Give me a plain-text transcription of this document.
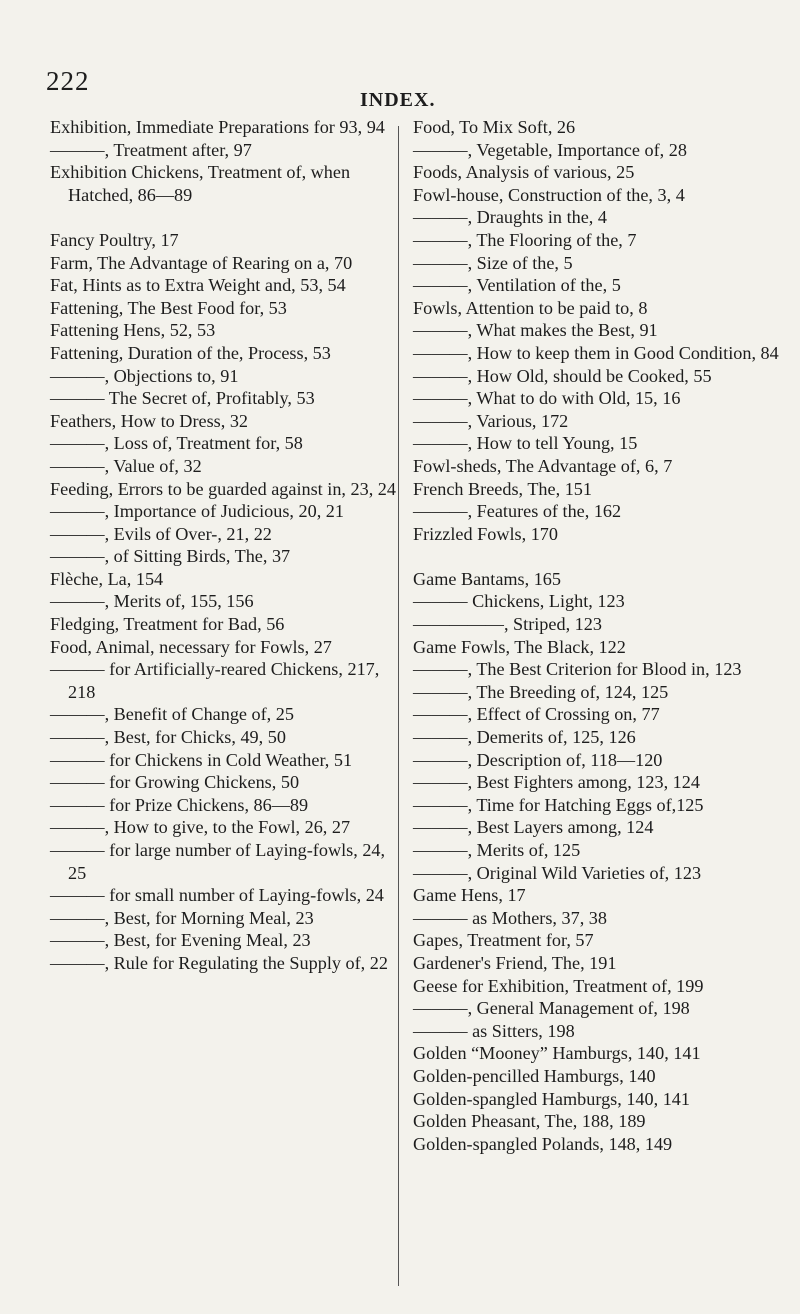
222
INDEX.
Exhibition, Immediate Preparations for 93, 94
———, Treatment after, 97
Exhibition Chickens, Treatment of, when Hatched, 86—89
Fancy Poultry, 17
Farm, The Advantage of Rearing on a, 70
Fat, Hints as to Extra Weight and, 53, 54
Fattening, The Best Food for, 53
Fattening Hens, 52, 53
Fattening, Duration of the, Process, 53
———, Objections to, 91
——— The Secret of, Profitably, 53
Feathers, How to Dress, 32
———, Loss of, Treatment for, 58
———, Value of, 32
Feeding, Errors to be guarded against in, 23, 24
———, Importance of Judicious, 20, 21
———, Evils of Over-, 21, 22
———, of Sitting Birds, The, 37
Flèche, La, 154
———, Merits of, 155, 156
Fledging, Treatment for Bad, 56
Food, Animal, necessary for Fowls, 27
——— for Artificially-reared Chickens, 217, 218
———, Benefit of Change of, 25
———, Best, for Chicks, 49, 50
——— for Chickens in Cold Weather, 51
——— for Growing Chickens, 50
——— for Prize Chickens, 86—89
———, How to give, to the Fowl, 26, 27
——— for large number of Laying-fowls, 24, 25
——— for small number of Laying-fowls, 24
———, Best, for Morning Meal, 23
———, Best, for Evening Meal, 23
———, Rule for Regulating the Supply of, 22
Food, To Mix Soft, 26
———, Vegetable, Importance of, 28
Foods, Analysis of various, 25
Fowl-house, Construction of the, 3, 4
———, Draughts in the, 4
———, The Flooring of the, 7
———, Size of the, 5
———, Ventilation of the, 5
Fowls, Attention to be paid to, 8
———, What makes the Best, 91
———, How to keep them in Good Condition, 84
———, How Old, should be Cooked, 55
———, What to do with Old, 15, 16
———, Various, 172
———, How to tell Young, 15
Fowl-sheds, The Advantage of, 6, 7
French Breeds, The, 151
———, Features of the, 162
Frizzled Fowls, 170
Game Bantams, 165
——— Chickens, Light, 123
—————, Striped, 123
Game Fowls, The Black, 122
———, The Best Criterion for Blood in, 123
———, The Breeding of, 124, 125
———, Effect of Crossing on, 77
———, Demerits of, 125, 126
———, Description of, 118—120
———, Best Fighters among, 123, 124
———, Time for Hatching Eggs of,125
———, Best Layers among, 124
———, Merits of, 125
———, Original Wild Varieties of, 123
Game Hens, 17
——— as Mothers, 37, 38
Gapes, Treatment for, 57
Gardener's Friend, The, 191
Geese for Exhibition, Treatment of, 199
———, General Management of, 198
——— as Sitters, 198
Golden “Mooney” Hamburgs, 140, 141
Golden-pencilled Hamburgs, 140
Golden-spangled Hamburgs, 140, 141
Golden Pheasant, The, 188, 189
Golden-spangled Polands, 148, 149
